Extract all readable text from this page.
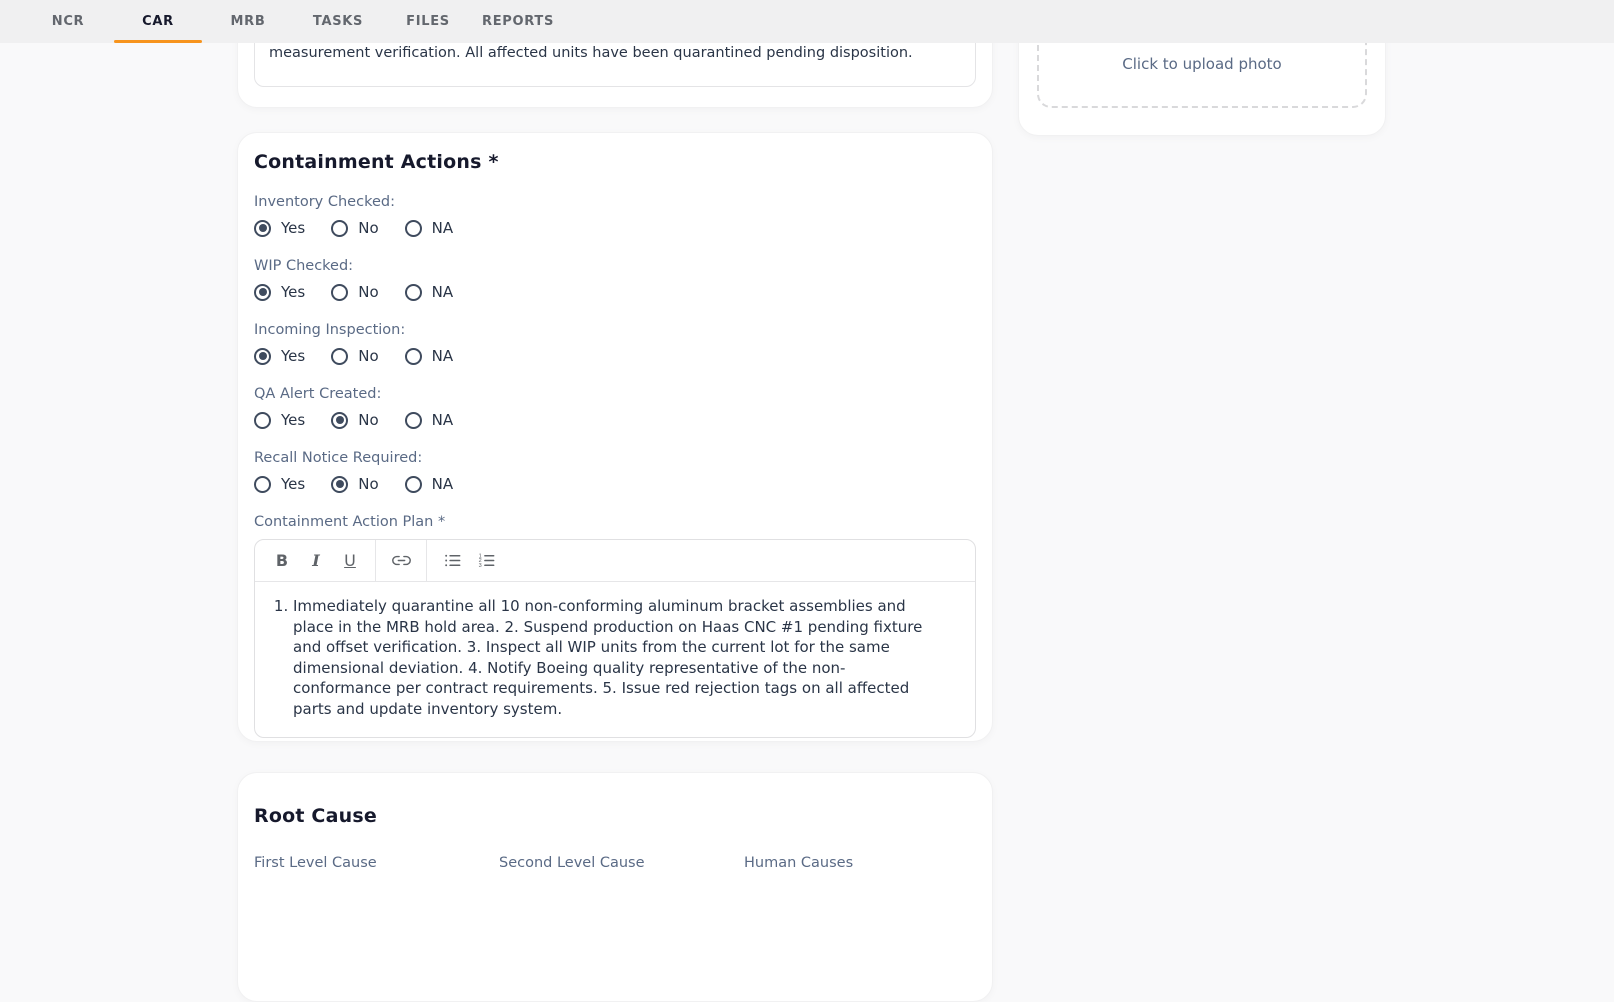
measurement verification. All affected units have been quarantined pending disposition.
Click to upload photo
NCR	CAR	MRB	TASKS	FILES	REPORTS
Containment Actions *
Inventory Checked:
Yes	No	NA
WIP Checked:
Yes	No	NA
Incoming Inspection:
Yes	No	NA
QA Alert Created:
Yes	No	NA
Recall Notice Required:
Yes	No	NA
Containment Action Plan *
B	I	U	1
2
3
1. Immediately quarantine all 10 non-conforming aluminum bracket assemblies and place in the MRB hold area. 2. Suspend production on Haas CNC #1 pending fixture and offset verification. 3. Inspect all WIP units from the current lot for the same dimensional deviation. 4. Notify Boeing quality representative of the non-conformance per contract requirements. 5. Issue red rejection tags on all affected parts and update inventory system.
Root Cause
First Level Cause	Second Level Cause	Human Causes
